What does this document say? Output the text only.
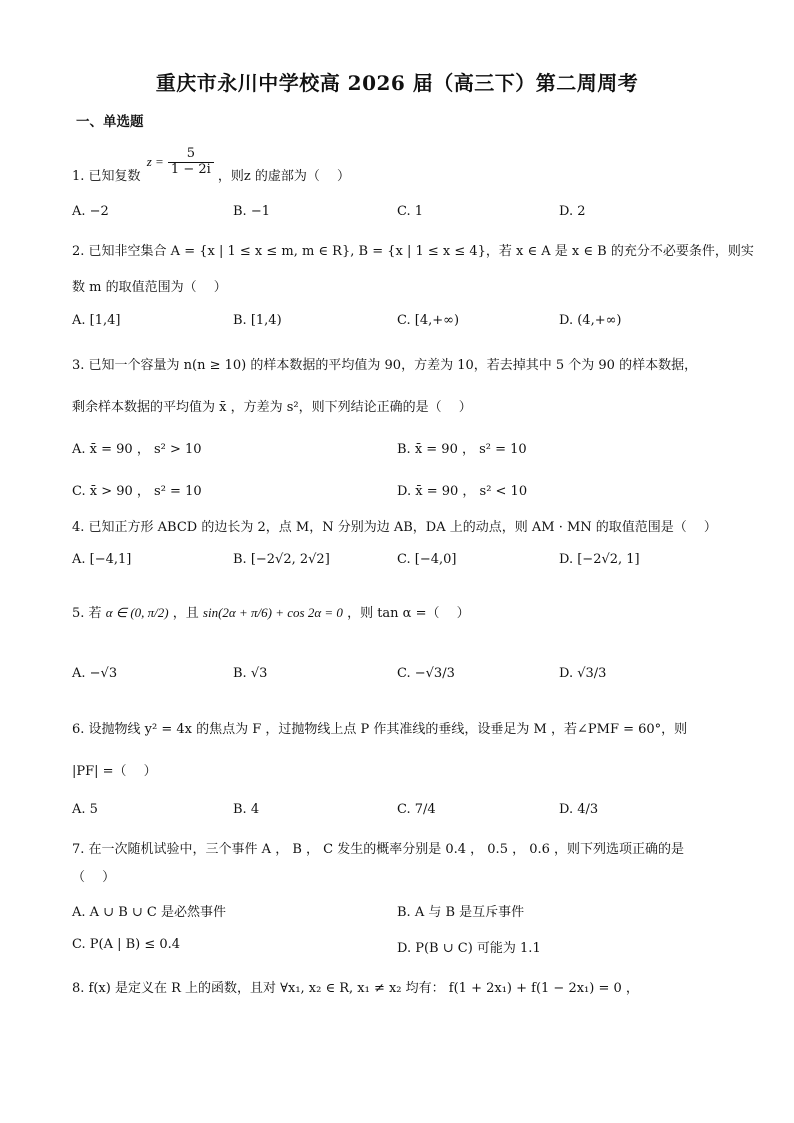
重庆市永川中学校高 2026 届（高三下）第二周周考
一、单选题
1. 已知复数 $z = \frac{5}{1 - 2i}$ ，则z 的虚部为（　 ）
A. −2	B. −1	C. 1	D. 2
2. 已知非空集合 A = {x | 1 ≤ x ≤ m, m ∈ R}, B = {x | 1 ≤ x ≤ 4}，若 x ∈ A 是 x ∈ B 的充分不必要条件，则实
数 m 的取值范围为（　 ）
A. [1,4]	B. [1,4)	C. [4,+∞)	D. (4,+∞)
3. 已知一个容量为 n(n ≥ 10) 的样本数据的平均值为 90，方差为 10，若去掉其中 5 个为 90 的样本数据，
剩余样本数据的平均值为 x̄ ，方差为 s²，则下列结论正确的是（　 ）
A. x̄ = 90 ， s² > 10	B. x̄ = 90 ， s² = 10
C. x̄ > 90 ， s² = 10	D. x̄ = 90 ， s² < 10
4. 已知正方形 ABCD 的边长为 2，点 M，N 分别为边 AB，DA 上的动点，则 AM · MN 的取值范围是（　 ）
A. [−4,1]	B. [−2√2, 2√2]	C. [−4,0]	D. [−2√2, 1]
5. 若 α ∈ (0, π/2) ，且 sin(2α + π/6) + cos 2α = 0 ，则 tan α =（　 ）
A. −√3	B. √3	C. −√3/3	D. √3/3
6. 设抛物线 y² = 4x 的焦点为 F ，过抛物线上点 P 作其准线的垂线，设垂足为 M ，若∠PMF = 60°，则
|PF| =（　 ）
A. 5	B. 4	C. 7/4	D. 4/3
7. 在一次随机试验中，三个事件 A ， B ， C 发生的概率分别是 0.4 ， 0.5 ， 0.6 ，则下列选项正确的是
（　 ）
A. A ∪ B ∪ C 是必然事件	B. A 与 B 是互斥事件
C. P(A | B) ≤ 0.4	D. P(B ∪ C) 可能为 1.1
8. f(x) 是定义在 R 上的函数，且对 ∀x₁, x₂ ∈ R, x₁ ≠ x₂ 均有： f(1 + 2x₁) + f(1 − 2x₁) = 0 ，
